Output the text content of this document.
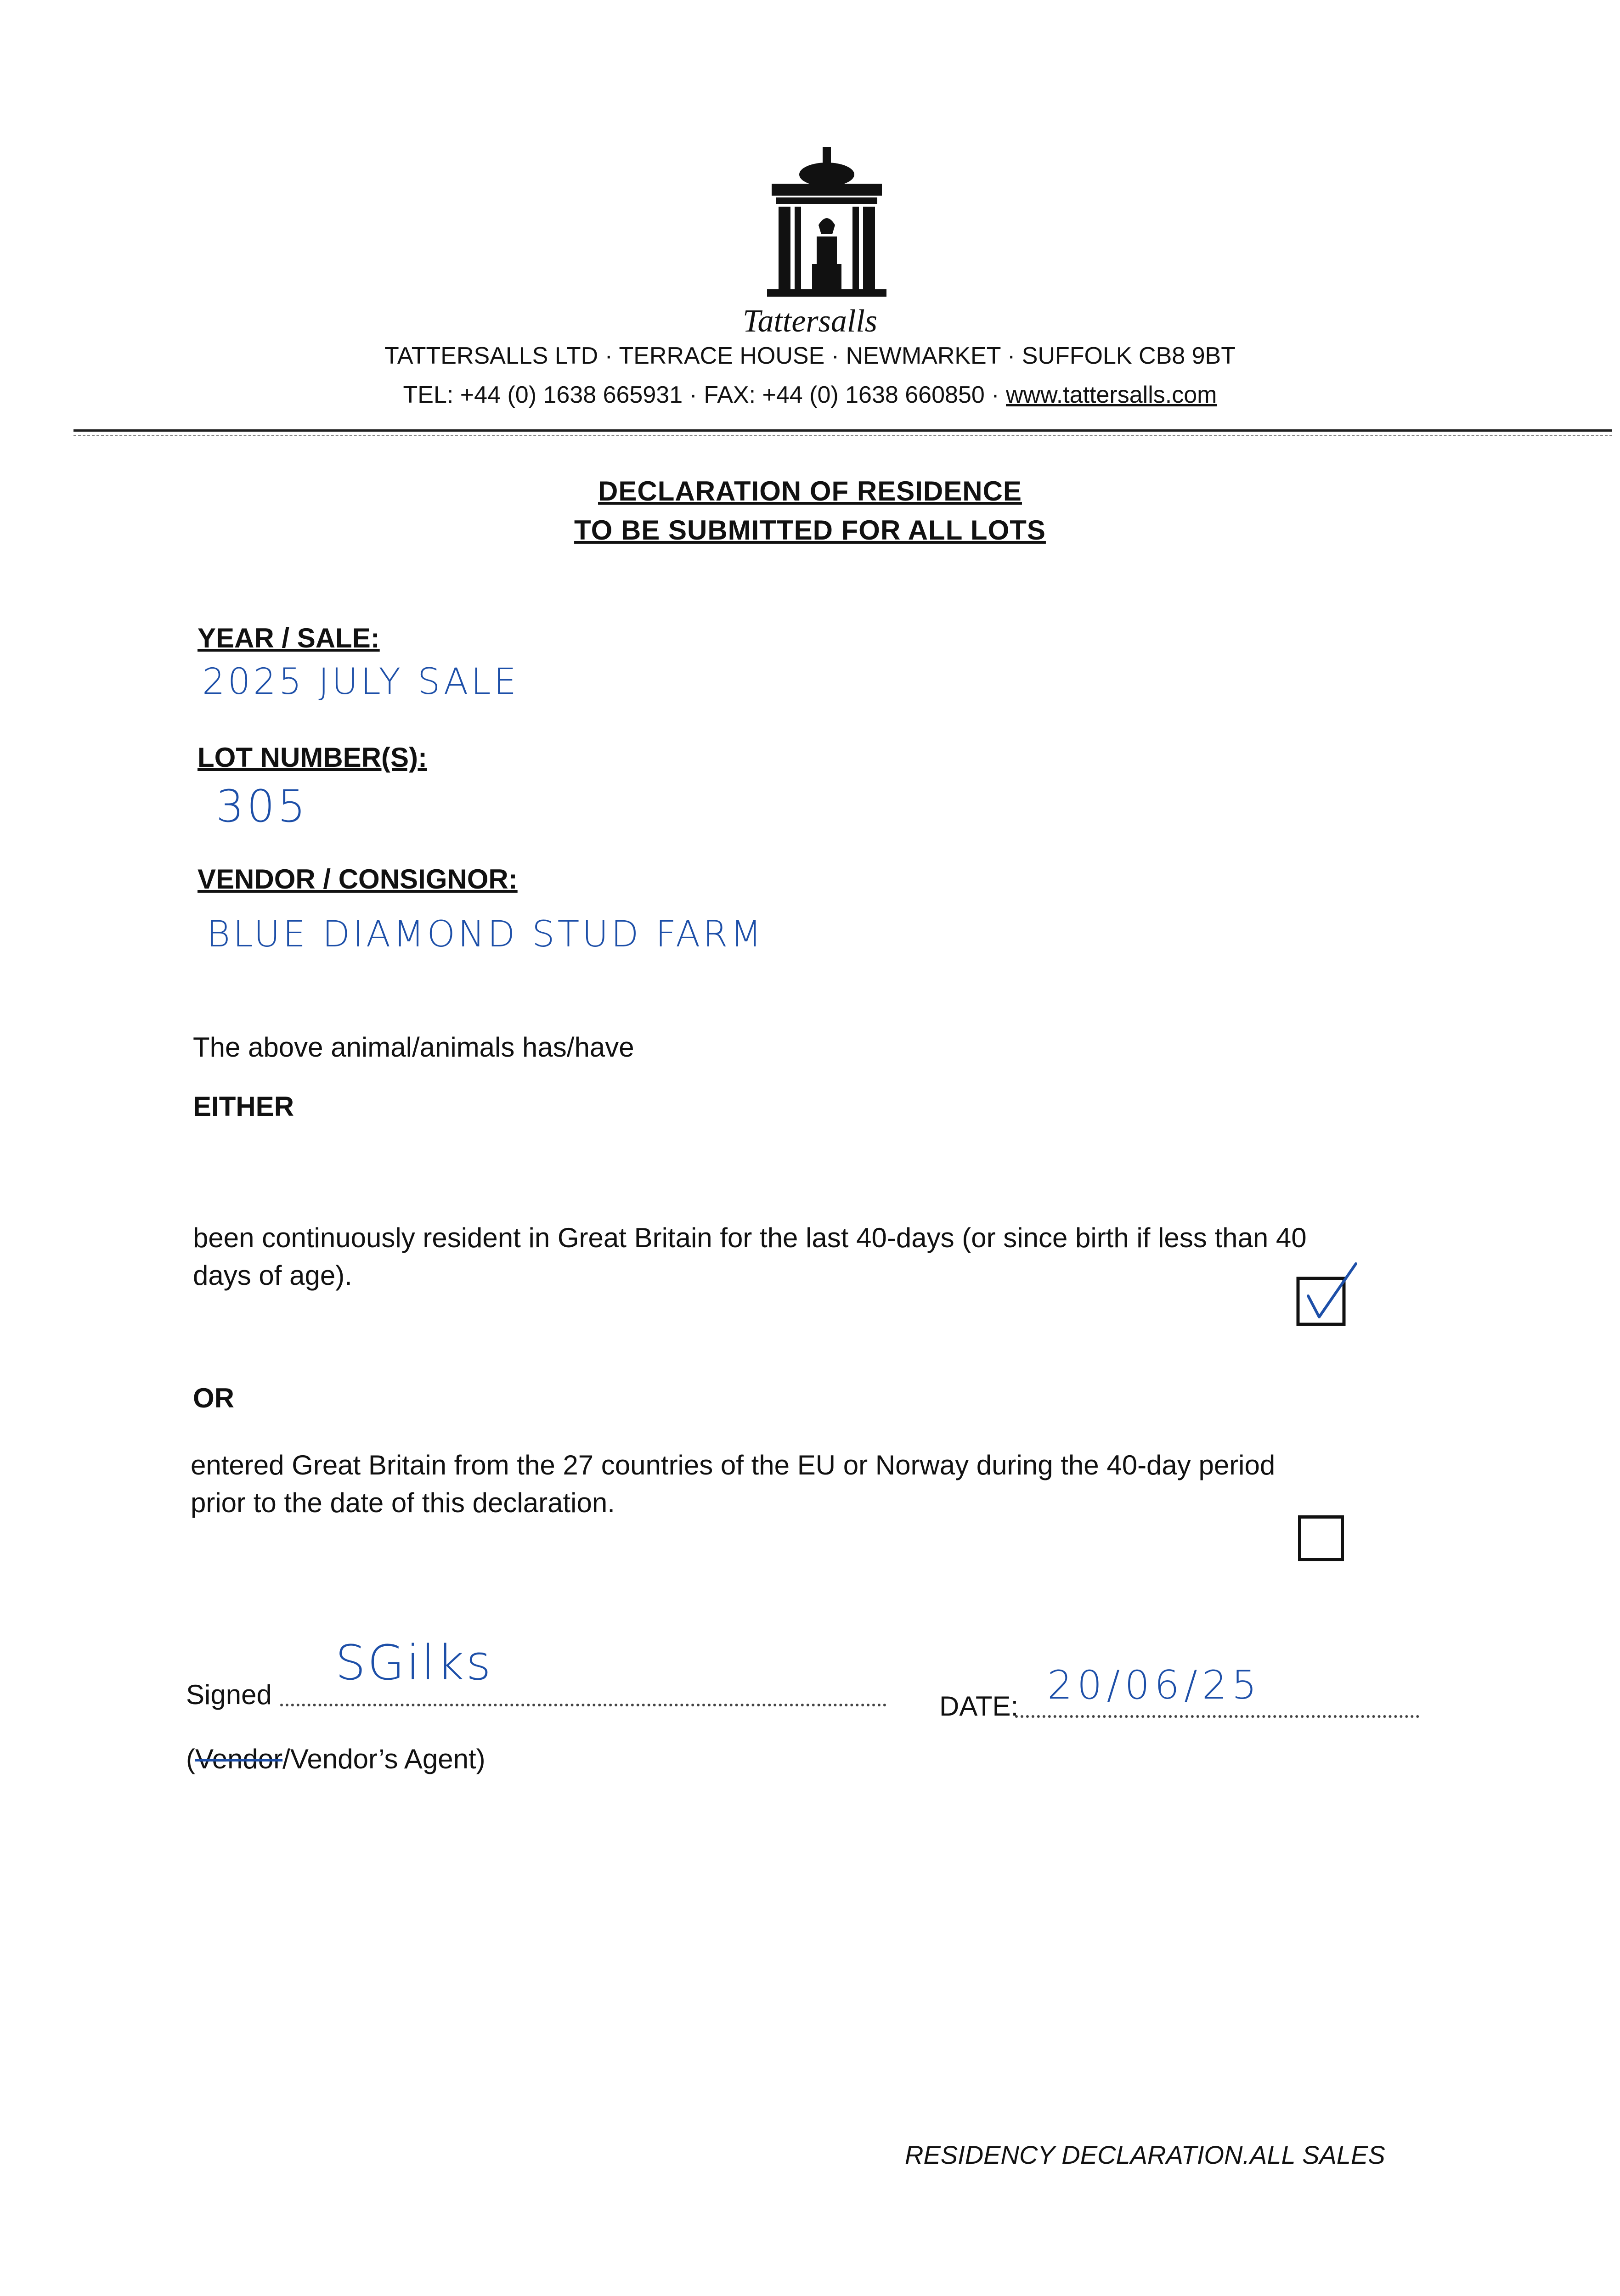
Tattersalls
TATTERSALLS LTD · TERRACE HOUSE · NEWMARKET · SUFFOLK CB8 9BT
TEL: +44 (0) 1638 665931 · FAX: +44 (0) 1638 660850 · www.tattersalls.com
DECLARATION OF RESIDENCE
TO BE SUBMITTED FOR ALL LOTS
YEAR / SALE:
2025 JULY SALE
LOT NUMBER(S):
305
VENDOR / CONSIGNOR:
BLUE DIAMOND STUD FARM
The above animal/animals has/have
EITHER
been continuously resident in Great Britain for the last 40-days (or since birth if less than 40
days of age).
OR
entered Great Britain from the 27 countries of the EU or Norway during the 40-day period
prior to the date of this declaration.
Signed
SGilks
DATE: 20/06/25
(Vendor/Vendor’s Agent)
RESIDENCY DECLARATION.ALL SALES
